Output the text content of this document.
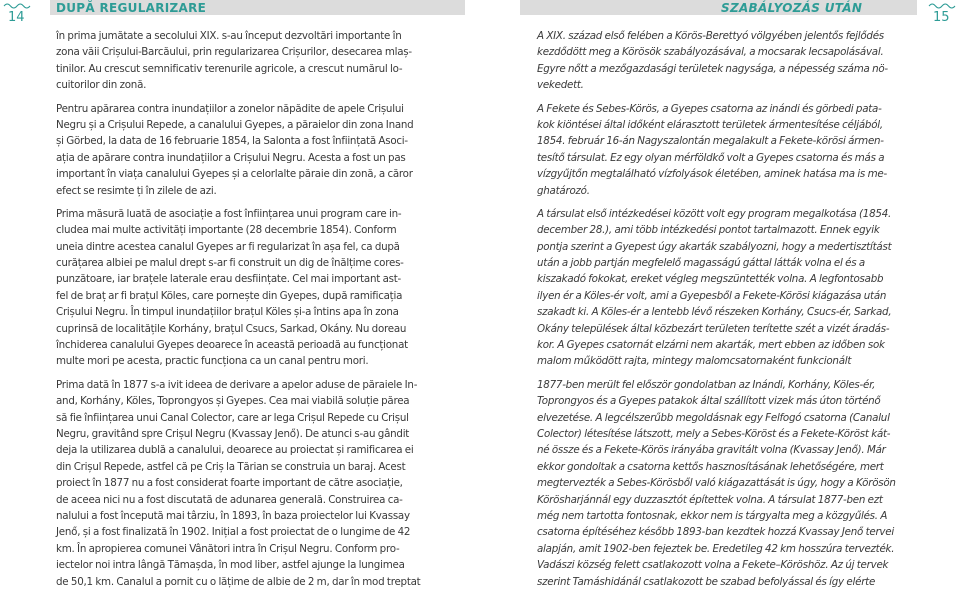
14
DUPĂ REGULARIZARE
în prima jumătate a secolului XIX. s-au început dezvoltări importante în
zona văii Crișului-Barcăului, prin regularizarea Crișurilor, desecarea mlaș-
tinilor. Au crescut semnificativ terenurile agricole, a crescut numărul lo-
cuitorilor din zonă.
Pentru apărarea contra inundațiilor a zonelor năpădite de apele Crișului
Negru și a Crișului Repede, a canalului Gyepes, a păraielor din zona Inand
și Görbed, la data de 16 februarie 1854, la Salonta a fost înființată Asoci-
ația de apărare contra inundațiilor a Crișului Negru. Acesta a fost un pas
important în viața canalului Gyepes și a celorlalte păraie din zonă, a căror
efect se resimte ți în zilele de azi.
Prima măsură luată de asociație a fost înființarea unui program care in-
cludea mai multe activități importante (28 decembrie 1854). Conform
uneia dintre acestea canalul Gyepes ar fi regularizat în așa fel, ca după
curățarea albiei pe malul drept s-ar fi construit un dig de înălțime cores-
punzătoare, iar brațele laterale erau desființate. Cel mai important ast-
fel de braț ar fi brațul Köles, care pornește din Gyepes, după ramificația
Crișului Negru. În timpul inundațiilor brațul Köles și-a întins apa în zona
cuprinsă de localitățile Korhány, brațul Csucs, Sarkad, Okány. Nu doreau
închiderea canalului Gyepes deoarece în această perioadă au funcționat
multe mori pe acesta, practic funcționa ca un canal pentru mori.
Prima dată în 1877 s-a ivit ideea de derivare a apelor aduse de păraiele In-
and, Korhány, Köles, Toprongyos și Gyepes. Cea mai viabilă soluție părea
să fie înființarea unui Canal Colector, care ar lega Crișul Repede cu Crișul
Negru, gravitând spre Crișul Negru (Kvassay Jenő). De atunci s-au gândit
deja la utilizarea dublă a canalului, deoarece au proiectat și ramificarea ei
din Crișul Repede, astfel că pe Criș la Tărian se construia un baraj. Acest
proiect în 1877 nu a fost considerat foarte important de către asociație,
de aceea nici nu a fost discutată de adunarea generală. Construirea ca-
nalului a fost începută mai târziu, în 1893, în baza proiectelor lui Kvassay
Jenő, și a fost finalizată în 1902. Inițial a fost proiectat de o lungime de 42
km. În apropierea comunei Vânători intra în Crișul Negru. Conform pro-
iectelor noi intra lângă Tămașda, în mod liber, astfel ajunge la lungimea
de 50,1 km. Canalul a pornit cu o lățime de albie de 2 m, dar în mod treptat
15
SZABÁLYOZÁS UTÁN
A XIX. század első felében a Körös-Berettyó völgyében jelentős fejlődés
kezdődött meg a Körösök szabályozásával, a mocsarak lecsapolásával.
Egyre nőtt a mezőgazdasági területek nagysága, a népesség száma nö-
vekedett.
A Fekete és Sebes-Körös, a Gyepes csatorna az inándi és görbedi pata-
kok kiöntései által időként elárasztott területek ármentesítése céljából,
1854. február 16-án Nagyszalontán megalakult a Fekete-körösi ármen-
tesítő társulat. Ez egy olyan mérföldkő volt a Gyepes csatorna és más a
vízgyűjtőn megtalálható vízfolyások életében, aminek hatása ma is me-
ghatározó.
A társulat első intézkedései között volt egy program megalkotása (1854.
december 28.), ami több intézkedési pontot tartalmazott. Ennek egyik
pontja szerint a Gyepest úgy akarták szabályozni, hogy a medertisztítást
után a jobb partján megfelelő magasságú gáttal látták volna el és a
kiszakadó fokokat, ereket végleg megszüntették volna. A legfontosabb
ilyen ér a Köles-ér volt, ami a Gyepesből a Fekete-Körösi kiágazása után
szakadt ki. A Köles-ér a lentebb lévő részeken Korhány, Csucs-ér, Sarkad,
Okány települések által közbezárt területen terítette szét a vizét áradás-
kor. A Gyepes csatornát elzárni nem akarták, mert ebben az időben sok
malom működött rajta, mintegy malomcsatornaként funkcionált
1877-ben merült fel először gondolatban az Inándi, Korhány, Köles-ér,
Toprongyos és a Gyepes patakok által szállított vizek más úton történő
elvezetése. A legcélszerűbb megoldásnak egy Felfogó csatorna (Canalul
Colector) létesítése látszott, mely a Sebes-Köröst és a Fekete-Köröst kát-
né össze és a Fekete-Körös irányába gravitált volna (Kvassay Jenő). Már
ekkor gondoltak a csatorna kettős hasznosításának lehetőségére, mert
megtervezték a Sebes-Körösből való kiágazattását is úgy, hogy a Körösön
Körösharjánnál egy duzzasztót építettek volna. A társulat 1877-ben ezt
még nem tartotta fontosnak, ekkor nem is tárgyalta meg a közgyűlés. A
csatorna építéséhez később 1893-ban kezdtek hozzá Kvassay Jenő tervei
alapján, amit 1902-ben fejeztek be. Eredetileg 42 km hosszúra tervezték.
Vadászi község felett csatlakozott volna a Fekete–Köröshöz. Az új tervek
szerint Tamáshidánál csatlakozott be szabad befolyással és így elérte
